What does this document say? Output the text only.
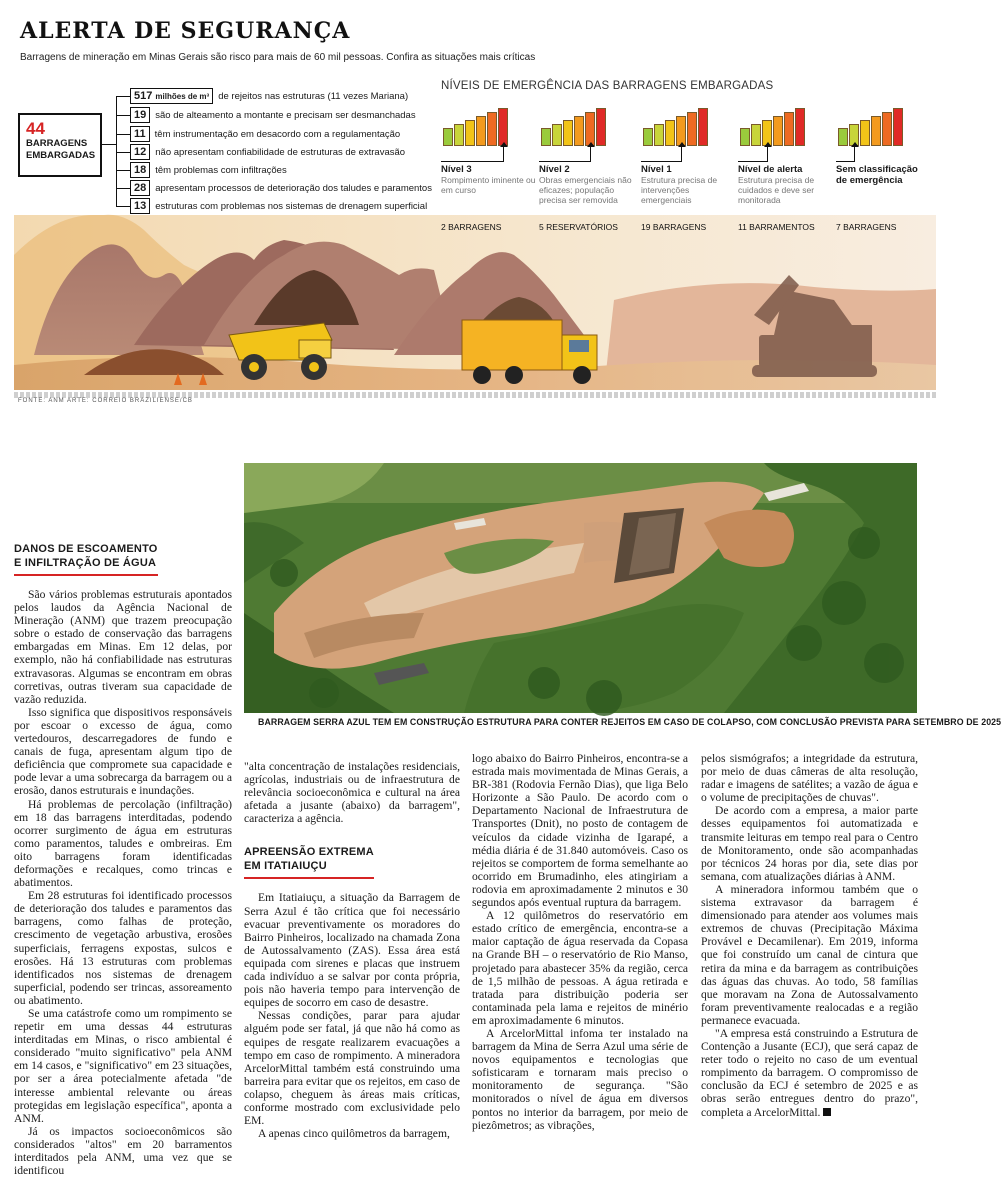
ALERTA DE SEGURANÇA
Barragens de mineração em Minas Gerais são risco para mais de 60 mil pessoas. Confira as situações mais críticas
FONTE: ANM ARTE: CORREIO BRAZILIENSE/CB
44
BARRAGENS
EMBARGADAS
517 milhões de m³ de rejeitos nas estruturas (11 vezes Mariana)
19 são de alteamento a montante e precisam ser desmanchadas
11 têm instrumentação em desacordo com a regulamentação
12 não apresentam confiabilidade de estruturas de extravasão
18 têm problemas com infiltrações
28 apresentam processos de deterioração dos taludes e paramentos
13 estruturas com problemas nos sistemas de drenagem superficial
NÍVEIS DE EMERGÊNCIA DAS BARRAGENS EMBARGADAS
Nível 3
Rompimento iminente ou em curso
2 BARRAGENS
Nível 2
Obras emergenciais não eficazes; população precisa ser removida
5 RESERVATÓRIOS
Nível 1
Estrutura precisa de intervenções emergenciais
19 BARRAGENS
Nível de alerta
Estrutura precisa de cuidados e deve ser monitorada
11 BARRAMENTOS
Sem classificação de emergência
7 BARRAGENS
BARRAGEM SERRA AZUL TEM EM CONSTRUÇÃO ESTRUTURA PARA CONTER REJEITOS EM CASO DE COLAPSO, COM CONCLUSÃO PREVISTA PARA SETEMBRO DE 2025
DANOS DE ESCOAMENTO
E INFILTRAÇÃO DE ÁGUA

São vários problemas estruturais apontados pelos laudos da Agência Nacional de Mineração (ANM) que trazem preocupação sobre o estado de conservação das barragens embargadas em Minas. Em 12 delas, por exemplo, não há confiabilidade nas estruturas extravasoras. Algumas se encontram em obras corretivas, outras tiveram sua capacidade de vazão reduzida.

Isso significa que dispositivos responsáveis por escoar o excesso de água, como vertedouros, descarregadores de fundo e canais de fuga, apresentam algum tipo de deficiência que compromete sua capacidade e pode levar a uma sobrecarga da barragem ou a erosão, danos estruturais e inundações.

Há problemas de percolação (infiltração) em 18 das barragens interditadas, podendo ocorrer surgimento de água em estruturas como paramentos, taludes e ombreiras. Em oito barragens foram identificadas deformações e recalques, como trincas e abatimentos.

Em 28 estruturas foi identificado processos de deterioração dos taludes e paramentos das barragens, como falhas de proteção, crescimento de vegetação arbustiva, erosões superficiais, ferragens expostas, sulcos e erosões. Há 13 estruturas com problemas identificados nos sistemas de drenagem superficial, podendo ser trincas, assoreamento ou abatimento.

Se uma catástrofe como um rompimento se repetir em uma dessas 44 estruturas interditadas em Minas, o risco ambiental é considerado "muito significativo" pela ANM em 14 casos, e "significativo" em 23 situações, por ser a área potecialmente afetada "de interesse ambiental relevante ou áreas protegidas em legislação específica", aponta a ANM.

Já os impactos socioeconômicos são considerados "altos" em 20 barramentos interditados pela ANM, uma vez que se identificou

"alta concentração de instalações residenciais, agrícolas, industriais ou de infraestrutura de relevância socioeconômica e cultural na área afetada a jusante (abaixo) da barragem", caracteriza a agência.

APREENSÃO EXTREMA
EM ITATIAIUÇU

Em Itatiaiuçu, a situação da Barragem de Serra Azul é tão crítica que foi necessário evacuar preventivamente os moradores do Bairro Pinheiros, localizado na chamada Zona de Autossalvamento (ZAS). Essa área está equipada com sirenes e placas que instruem cada indivíduo a se salvar por conta própria, pois não haveria tempo para intervenção de equipes de socorro em caso de desastre.

Nessas condições, parar para ajudar alguém pode ser fatal, já que não há como as equipes de resgate realizarem evacuações a tempo em caso de rompimento. A mineradora ArcelorMittal também está construindo uma barreira para evitar que os rejeitos, em caso de colapso, cheguem às áreas mais críticas, conforme mostrado com exclusividade pelo EM.

A apenas cinco quilômetros da barragem,

logo abaixo do Bairro Pinheiros, encontra-se a estrada mais movimentada de Minas Gerais, a BR-381 (Rodovia Fernão Dias), que liga Belo Horizonte a São Paulo. De acordo com o Departamento Nacional de Infraestrutura de Transportes (Dnit), no posto de contagem de veículos da cidade vizinha de Igarapé, a média diária é de 31.840 automóveis. Caso os rejeitos se comportem de forma semelhante ao ocorrido em Brumadinho, eles atingiriam a rodovia em aproximadamente 2 minutos e 30 segundos após eventual ruptura da barragem.

A 12 quilômetros do reservatório em estado crítico de emergência, encontra-se a maior captação de água reservada da Copasa na Grande BH – o reservatório de Rio Manso, projetado para abastecer 35% da região, cerca de 1,5 milhão de pessoas. A água retirada e tratada para distribuição poderia ser contaminada pela lama e rejeitos de minério em aproximadamente 6 minutos.

A ArcelorMittal infoma ter instalado na barragem da Mina de Serra Azul uma série de novos equipamentos e tecnologias que sofisticaram e tornaram mais preciso o monitoramento de segurança. "São monitorados o nível de água em diversos pontos no interior da barragem, por meio de piezômetros; as vibrações,

pelos sismógrafos; a integridade da estrutura, por meio de duas câmeras de alta resolução, radar e imagens de satélites; a vazão de água e o volume de precipitações de chuvas".

De acordo com a empresa, a maior parte desses equipamentos foi automatizada e transmite leituras em tempo real para o Centro de Monitoramento, onde são acompanhadas por técnicos 24 horas por dia, sete dias por semana, com atualizações diárias à ANM.

A mineradora informou também que o sistema extravasor da barragem é dimensionado para atender aos volumes mais extremos de chuvas (Precipitação Máxima Provável e Decamilenar). Em 2019, informa que foi construído um canal de cintura que retira da mina e da barragem as contribuições das águas das chuvas. Ao todo, 58 famílias que moravam na Zona de Autossalvamento foram preventivamente realocadas e a região permanece evacuada.

"A empresa está construindo a Estrutura de Contenção a Jusante (ECJ), que será capaz de reter todo o rejeito no caso de um eventual rompimento da barragem. O compromisso de conclusão da ECJ é setembro de 2025 e as obras serão entregues dentro do prazo", completa a ArcelorMittal.
